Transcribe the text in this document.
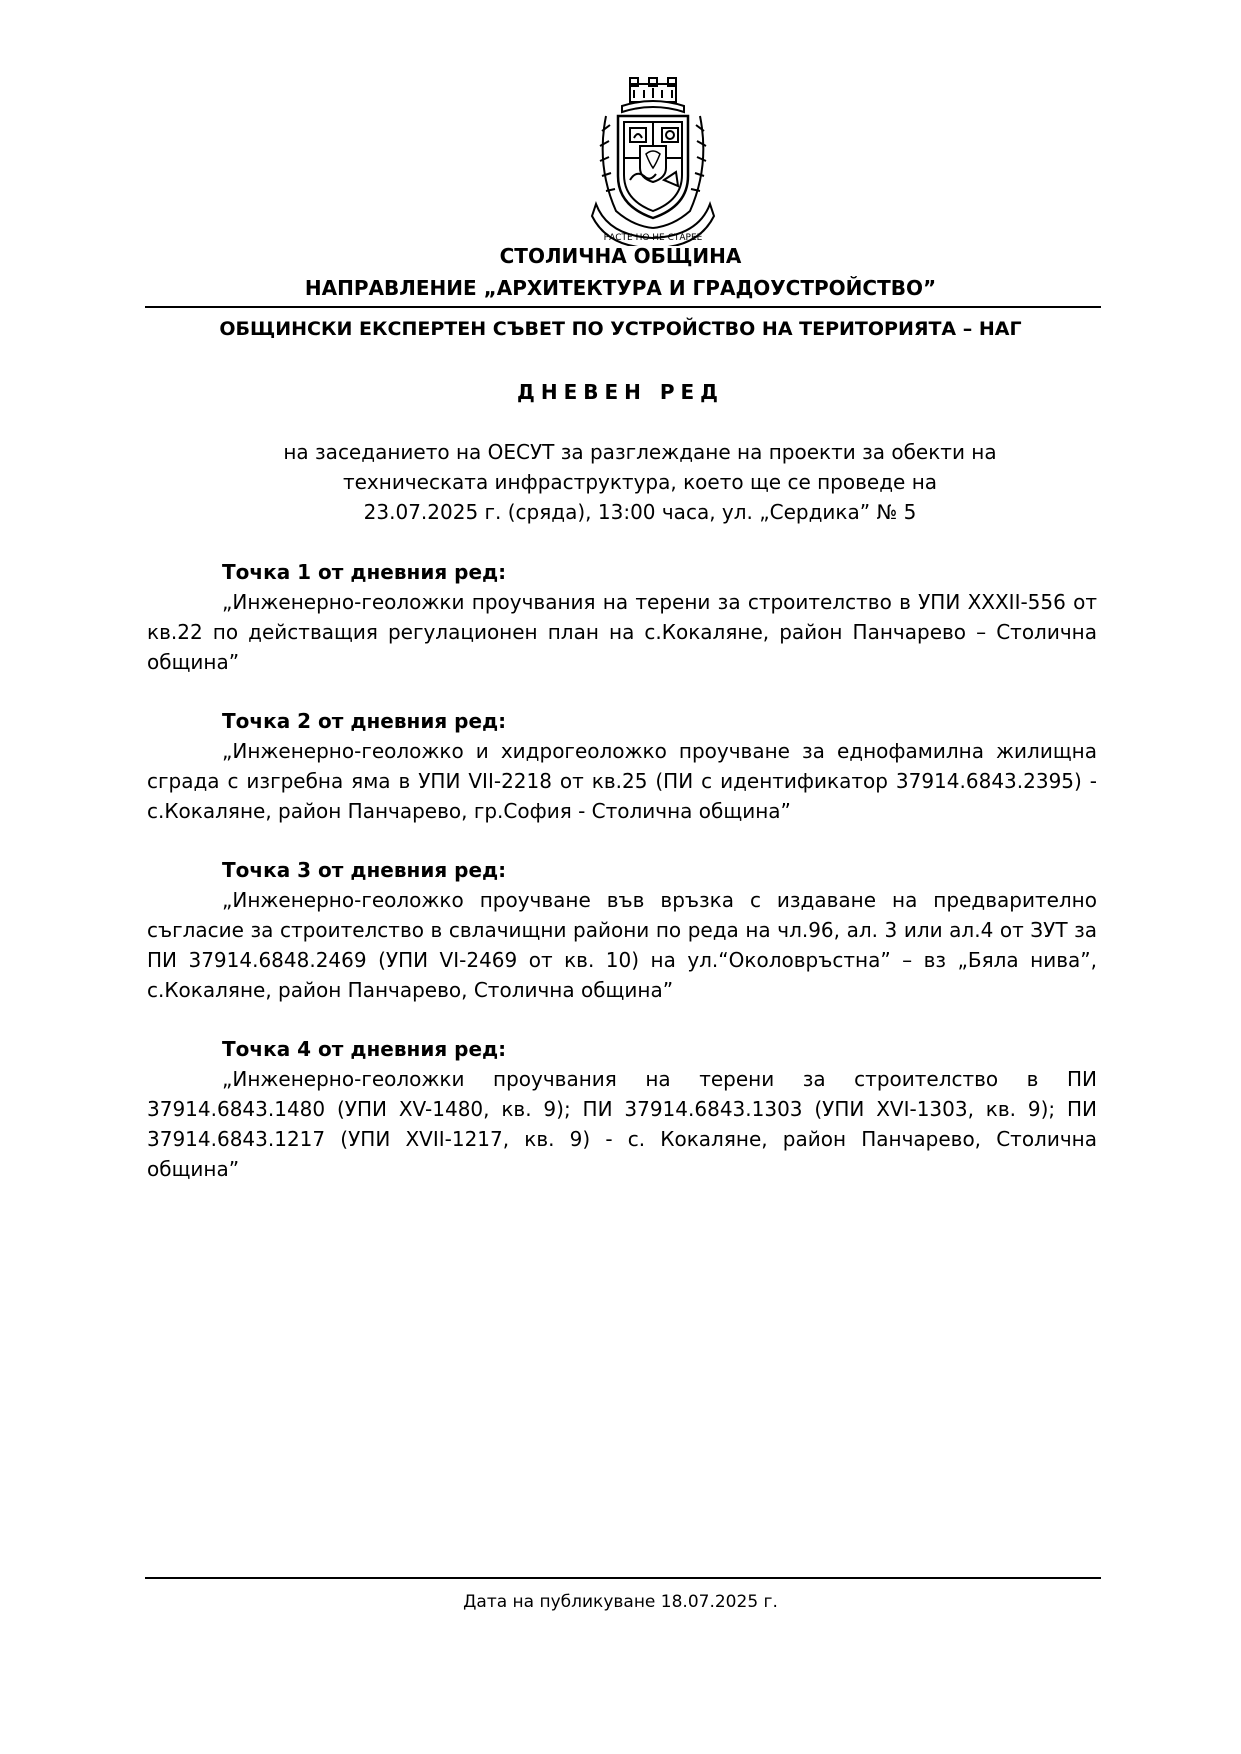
РАСТЕ НО НЕ СТАРЕЕ
СТОЛИЧНА ОБЩИНА
НАПРАВЛЕНИЕ „АРХИТЕКТУРА И ГРАДОУСТРОЙСТВО”
ОБЩИНСКИ ЕКСПЕРТЕН СЪВЕТ ПО УСТРОЙСТВО НА ТЕРИТОРИЯТА – НАГ
ДНЕВЕН РЕД
на заседанието на ОЕСУТ за разглеждане на проекти за обекти на
техническата инфраструктура, което ще се проведе на
23.07.2025 г. (сряда), 13:00 часа, ул. „Сердика” № 5
Точка 1 от дневния ред:
„Инженерно-геоложки проучвания на терени за строителство в УПИ XXXII-556 от кв.22 по действащия регулационен план на с.Кокаляне, район Панчарево – Столична община”
Точка 2 от дневния ред:
„Инженерно-геоложко и хидрогеоложко проучване за еднофамилна жилищна сграда с изгребна яма в УПИ VII-2218 от кв.25 (ПИ с идентификатор 37914.6843.2395) - с.Кокаляне, район Панчарево, гр.София - Столична община”
Точка 3 от дневния ред:
„Инженерно-геоложко проучване във връзка с издаване на предварително съгласие за строителство в свлачищни райони по реда на чл.96, ал. 3 или ал.4 от ЗУТ за ПИ 37914.6848.2469 (УПИ VI-2469 от кв. 10) на ул.“Околовръстна” – вз „Бяла нива”, с.Кокаляне, район Панчарево, Столична община”
Точка 4 от дневния ред:
„Инженерно-геоложки проучвания на терени за строителство в ПИ 37914.6843.1480 (УПИ XV-1480, кв. 9); ПИ 37914.6843.1303 (УПИ XVI-1303, кв. 9); ПИ 37914.6843.1217 (УПИ XVII-1217, кв. 9) - с. Кокаляне, район Панчарево, Столична община”
Дата на публикуване 18.07.2025 г.
